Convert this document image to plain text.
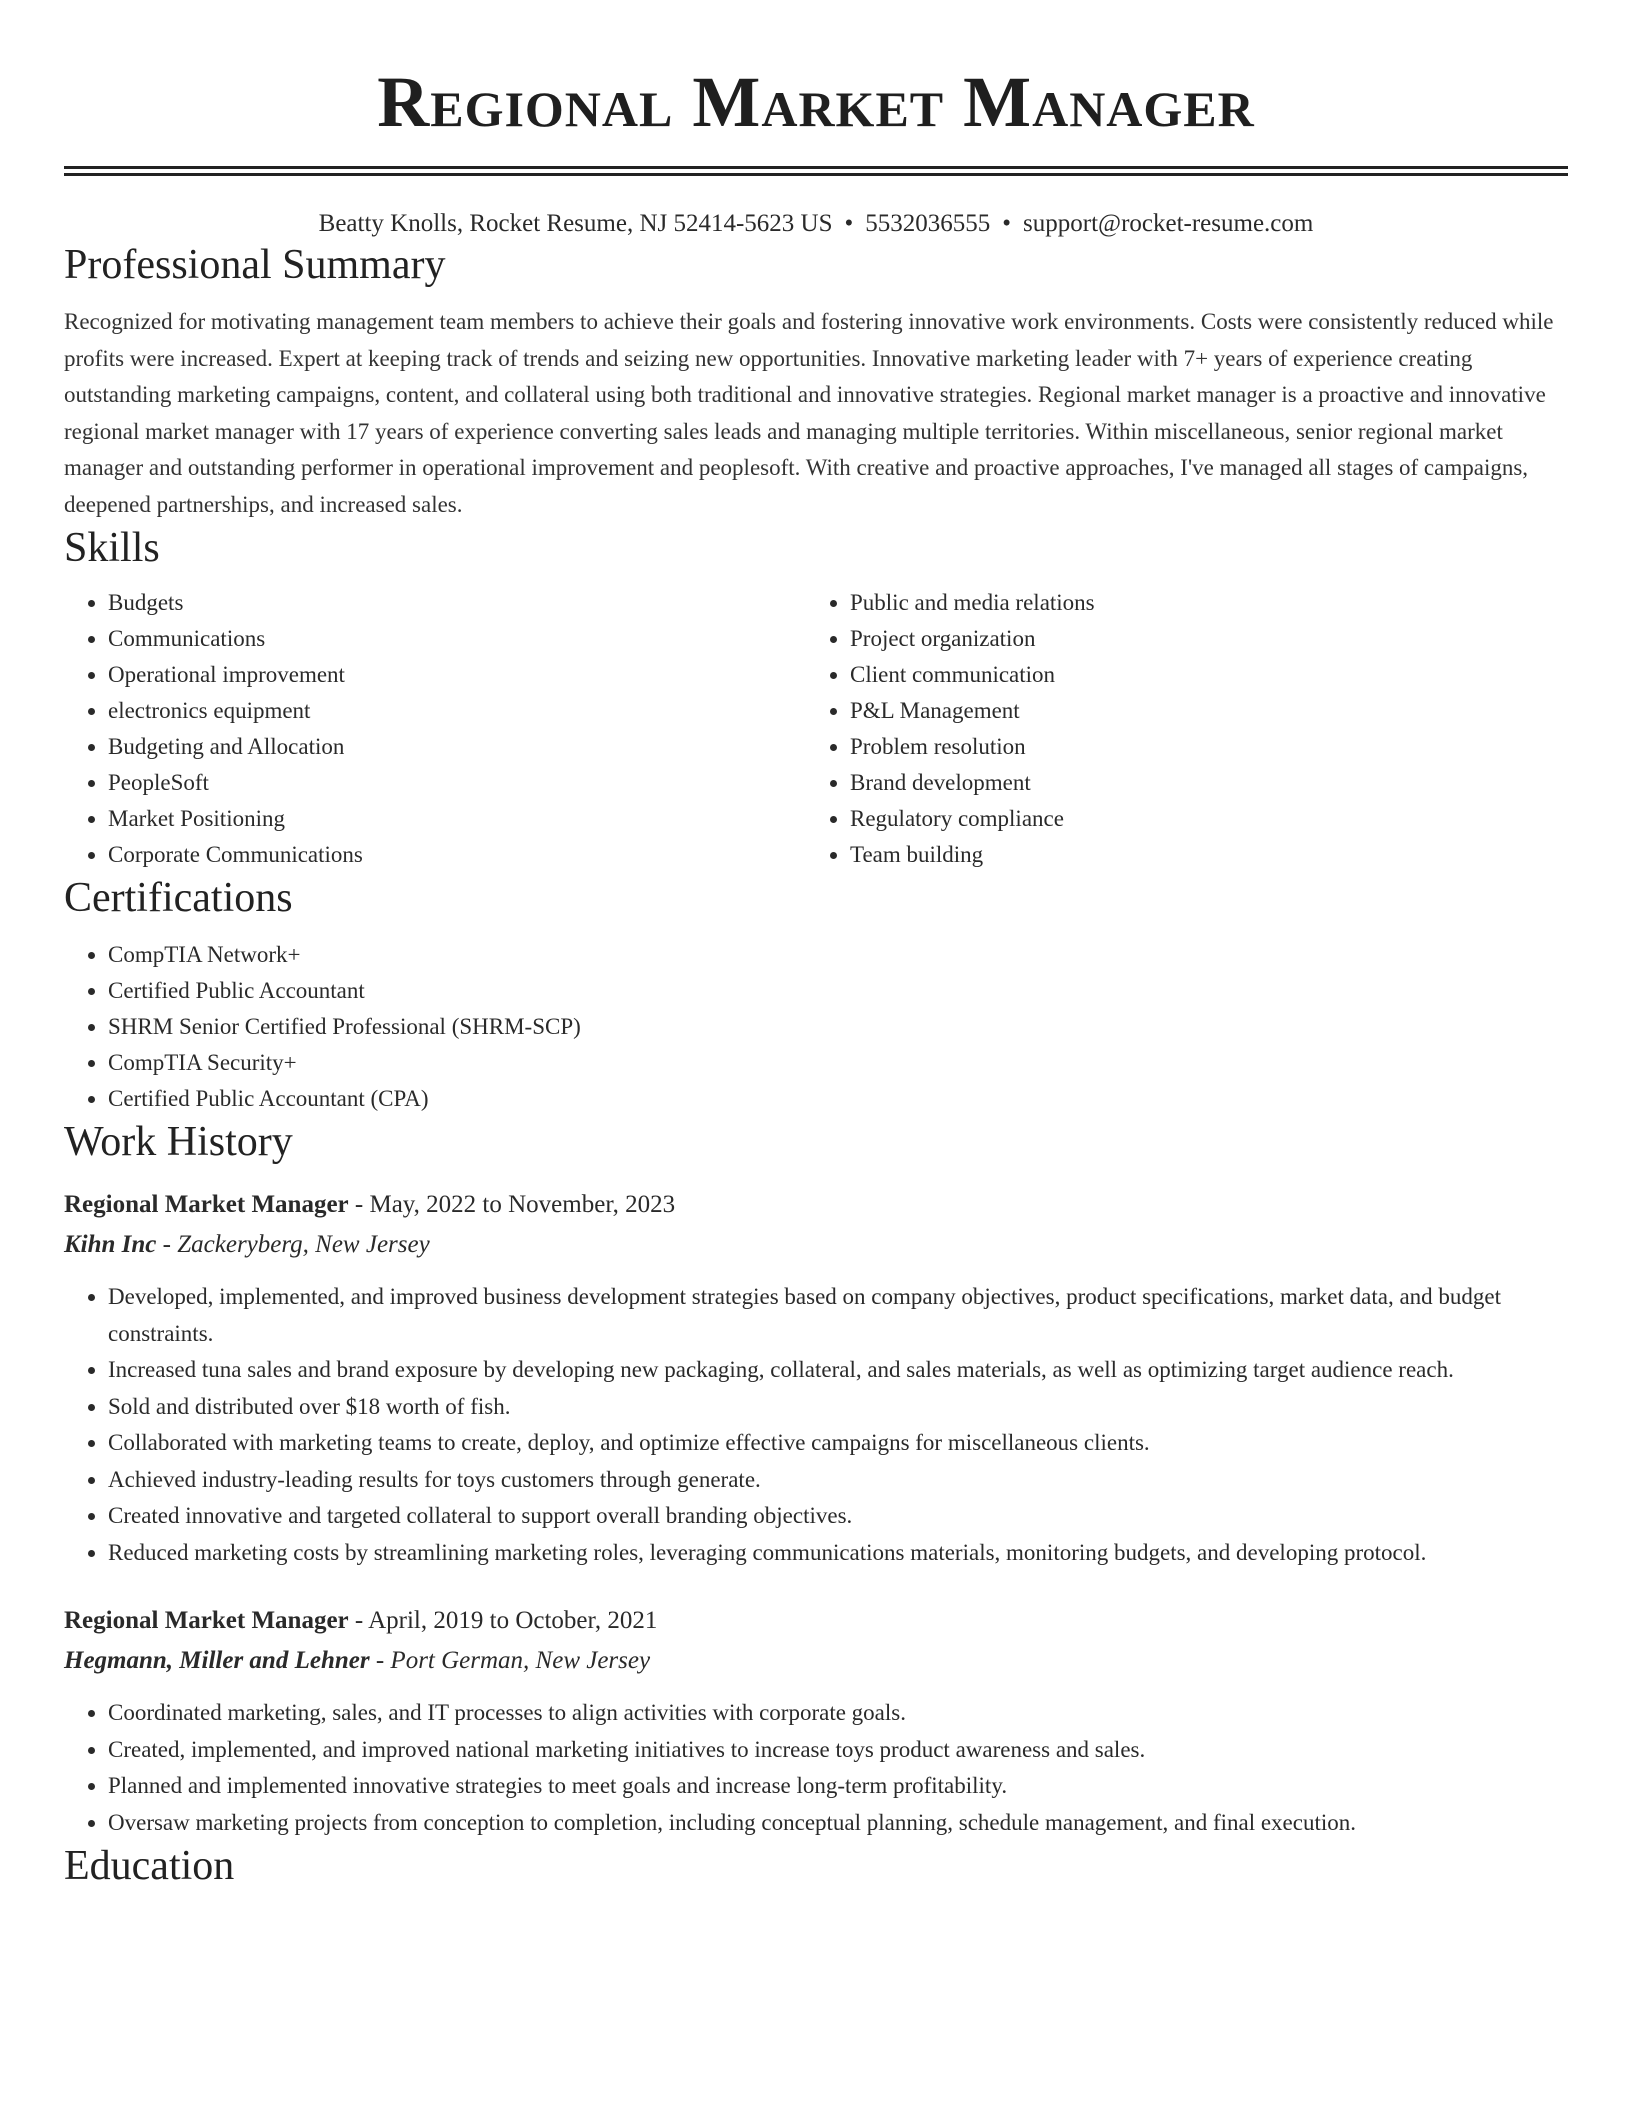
Regional Market Manager
Beatty Knolls, Rocket Resume, NJ 52414-5623 US • 5532036555 • support@rocket-resume.com
Professional Summary

Recognized for motivating management team members to achieve their goals and fostering innovative work environments. Costs were consistently reduced while profits were increased. Expert at keeping track of trends and seizing new opportunities. Innovative marketing leader with 7+ years of experience creating outstanding marketing campaigns, content, and collateral using both traditional and innovative strategies. Regional market manager is a proactive and innovative regional market manager with 17 years of experience converting sales leads and managing multiple territories. Within miscellaneous, senior regional market manager and outstanding performer in operational improvement and peoplesoft. With creative and proactive approaches, I've managed all stages of campaigns, deepened partnerships, and increased sales.

Skills
• Budgets
• Communications
• Operational improvement
• electronics equipment
• Budgeting and Allocation
• PeopleSoft
• Market Positioning
• Corporate Communications
• Public and media relations
• Project organization
• Client communication
• P&L Management
• Problem resolution
• Brand development
• Regulatory compliance
• Team building
Certifications
• CompTIA Network+
• Certified Public Accountant
• SHRM Senior Certified Professional (SHRM-SCP)
• CompTIA Security+
• Certified Public Accountant (CPA)
Work History
Regional Market Manager - May, 2022 to November, 2023
Kihn Inc - Zackeryberg, New Jersey
• Developed, implemented, and improved business development strategies based on company objectives, product specifications, market data, and budget constraints.
• Increased tuna sales and brand exposure by developing new packaging, collateral, and sales materials, as well as optimizing target audience reach.
• Sold and distributed over $18 worth of fish.
• Collaborated with marketing teams to create, deploy, and optimize effective campaigns for miscellaneous clients.
• Achieved industry-leading results for toys customers through generate.
• Created innovative and targeted collateral to support overall branding objectives.
• Reduced marketing costs by streamlining marketing roles, leveraging communications materials, monitoring budgets, and developing protocol.
Regional Market Manager - April, 2019 to October, 2021
Hegmann, Miller and Lehner - Port German, New Jersey
• Coordinated marketing, sales, and IT processes to align activities with corporate goals.
• Created, implemented, and improved national marketing initiatives to increase toys product awareness and sales.
• Planned and implemented innovative strategies to meet goals and increase long-term profitability.
• Oversaw marketing projects from conception to completion, including conceptual planning, schedule management, and final execution.
Education
